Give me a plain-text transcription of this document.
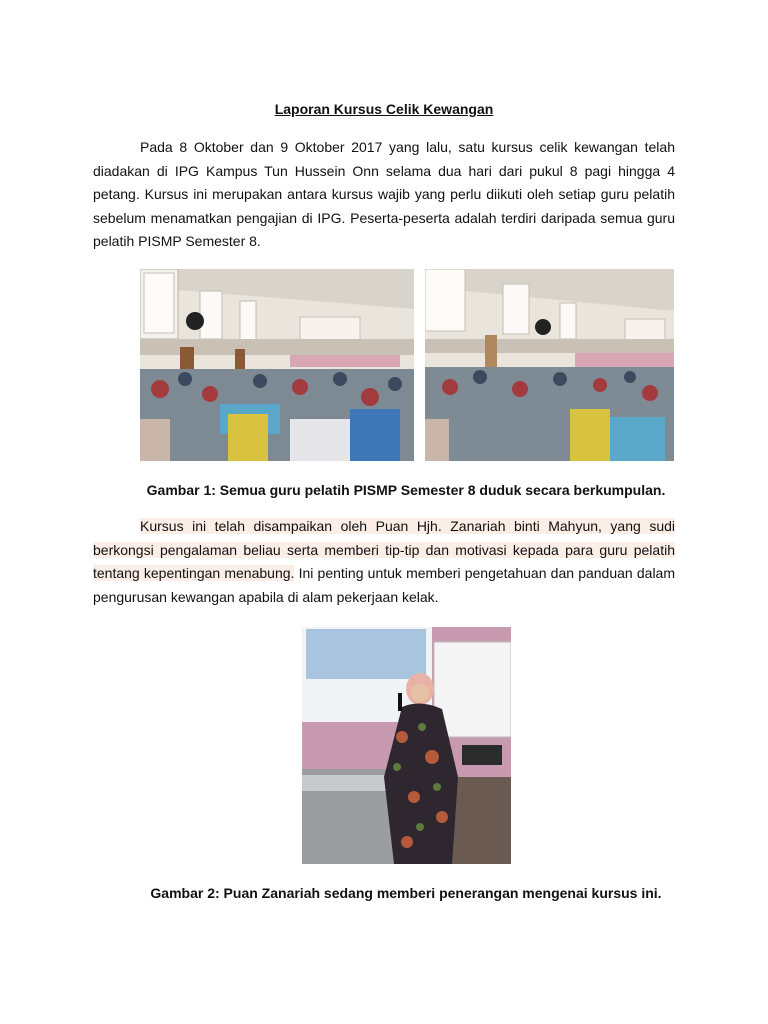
Laporan Kursus Celik Kewangan
Pada 8 Oktober dan 9 Oktober 2017 yang lalu, satu kursus celik kewangan telah diadakan di IPG Kampus Tun Hussein Onn selama dua hari dari pukul 8 pagi hingga 4 petang. Kursus ini merupakan antara kursus wajib yang perlu diikuti oleh setiap guru pelatih sebelum menamatkan pengajian di IPG. Peserta-peserta adalah terdiri daripada semua guru pelatih PISMP Semester 8.
Gambar 1: Semua guru pelatih PISMP Semester 8 duduk secara berkumpulan.
Kursus ini telah disampaikan oleh Puan Hjh. Zanariah binti Mahyun, yang sudi berkongsi pengalaman beliau serta memberi tip-tip dan motivasi kepada para guru pelatih tentang kepentingan menabung. Ini penting untuk memberi pengetahuan dan panduan dalam pengurusan kewangan apabila di alam pekerjaan kelak.
Gambar 2: Puan Zanariah sedang memberi penerangan mengenai kursus ini.
